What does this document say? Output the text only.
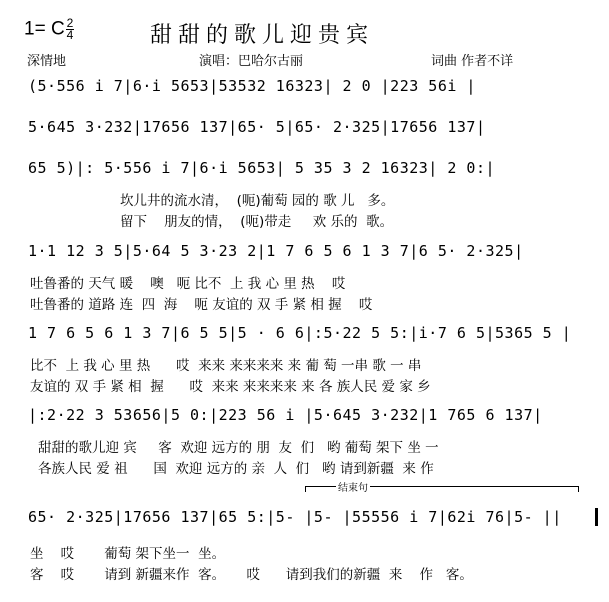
1= C $\frac{2}{4}$	甜甜的歌儿迎贵宾
深情地	演唱：巴哈尔古丽	词曲 作者不详
(5·556 i 7|6·i 5653|53532 16323| 2 0 |223 56i |
5·645 3·232|17656 137|65· 5|65· 2·325|17656 137|
65 5)|: 5·556 i 7|6·i 5653| 5 35 3 2 16323| 2 0:|
坎儿井的流水清，  (呃)葡萄 园的 歌 儿   多。
留下    朋友的情，  (呃)带走     欢 乐的  歌。
1·1 12 3 5|5·64 5 3·23 2|1 7 6 5 6 1 3 7|6 5· 2·325|
吐鲁番的 天气 暖    噢   呃 比不  上 我 心 里 热    哎
吐鲁番的 道路 连  四  海    呃 友谊的 双 手 紧 相 握    哎
1 7 6 5 6 1 3 7|6 5 5|5 · 6 6|:5·22 5 5:|i·7 6 5|5365 5 |
比不  上 我 心 里 热      哎  来来 来来来来 来 葡 萄 一串 歌 一 串
友谊的 双 手 紧 相  握      哎  来来 来来来来 来 各 族人民 爱 家 乡
|:2·22 3 53656|5 0:|223 56 i |5·645 3·232|1 765 6 137|
甜甜的歌儿迎 宾     客  欢迎 远方的 朋  友  们   哟 葡萄 架下 坐 一
各族人民 爱 祖      国  欢迎 远方的 亲  人  们   哟 请到新疆  来 作
结束句
65· 2·325|17656 137|65 5:|5- |5- |55556 i 7|62i 76|5- ||
坐    哎       葡萄 架下坐一  坐。
客    哎       请到 新疆来作  客。     哎      请到我们的新疆  来    作   客。
